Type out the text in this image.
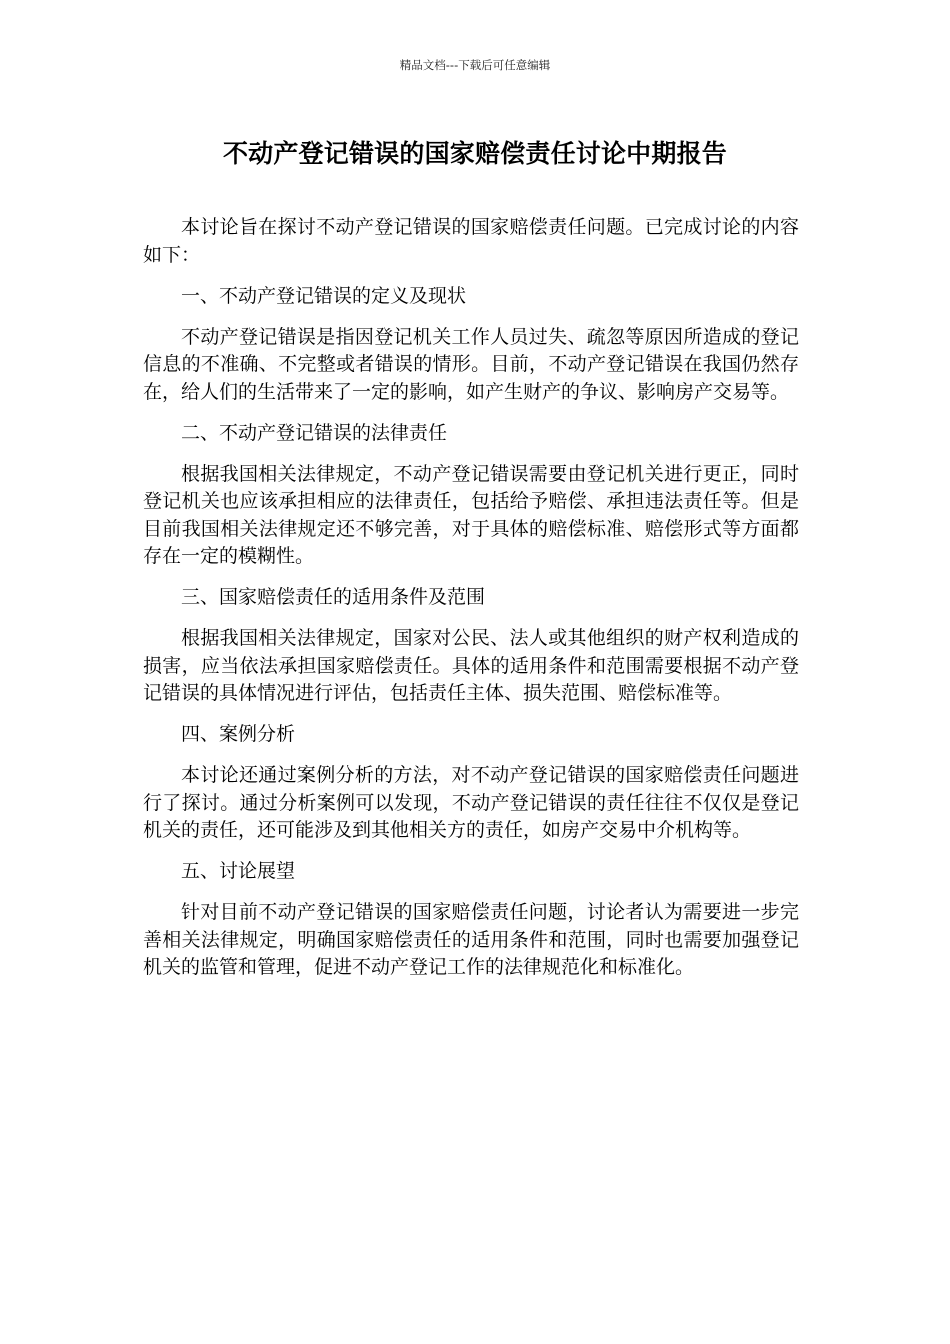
精品文档---下载后可任意编辑
不动产登记错误的国家赔偿责任讨论中期报告

本讨论旨在探讨不动产登记错误的国家赔偿责任问题。已完成讨论的内容如下：

一、不动产登记错误的定义及现状

不动产登记错误是指因登记机关工作人员过失、疏忽等原因所造成的登记信息的不准确、不完整或者错误的情形。目前，不动产登记错误在我国仍然存在，给人们的生活带来了一定的影响，如产生财产的争议、影响房产交易等。

二、不动产登记错误的法律责任

根据我国相关法律规定，不动产登记错误需要由登记机关进行更正，同时登记机关也应该承担相应的法律责任，包括给予赔偿、承担违法责任等。但是目前我国相关法律规定还不够完善，对于具体的赔偿标准、赔偿形式等方面都存在一定的模糊性。

三、国家赔偿责任的适用条件及范围

根据我国相关法律规定，国家对公民、法人或其他组织的财产权利造成的损害，应当依法承担国家赔偿责任。具体的适用条件和范围需要根据不动产登记错误的具体情况进行评估，包括责任主体、损失范围、赔偿标准等。

四、案例分析

本讨论还通过案例分析的方法，对不动产登记错误的国家赔偿责任问题进行了探讨。通过分析案例可以发现，不动产登记错误的责任往往不仅仅是登记机关的责任，还可能涉及到其他相关方的责任，如房产交易中介机构等。

五、讨论展望

针对目前不动产登记错误的国家赔偿责任问题，讨论者认为需要进一步完善相关法律规定，明确国家赔偿责任的适用条件和范围，同时也需要加强登记机关的监管和管理，促进不动产登记工作的法律规范化和标准化。
